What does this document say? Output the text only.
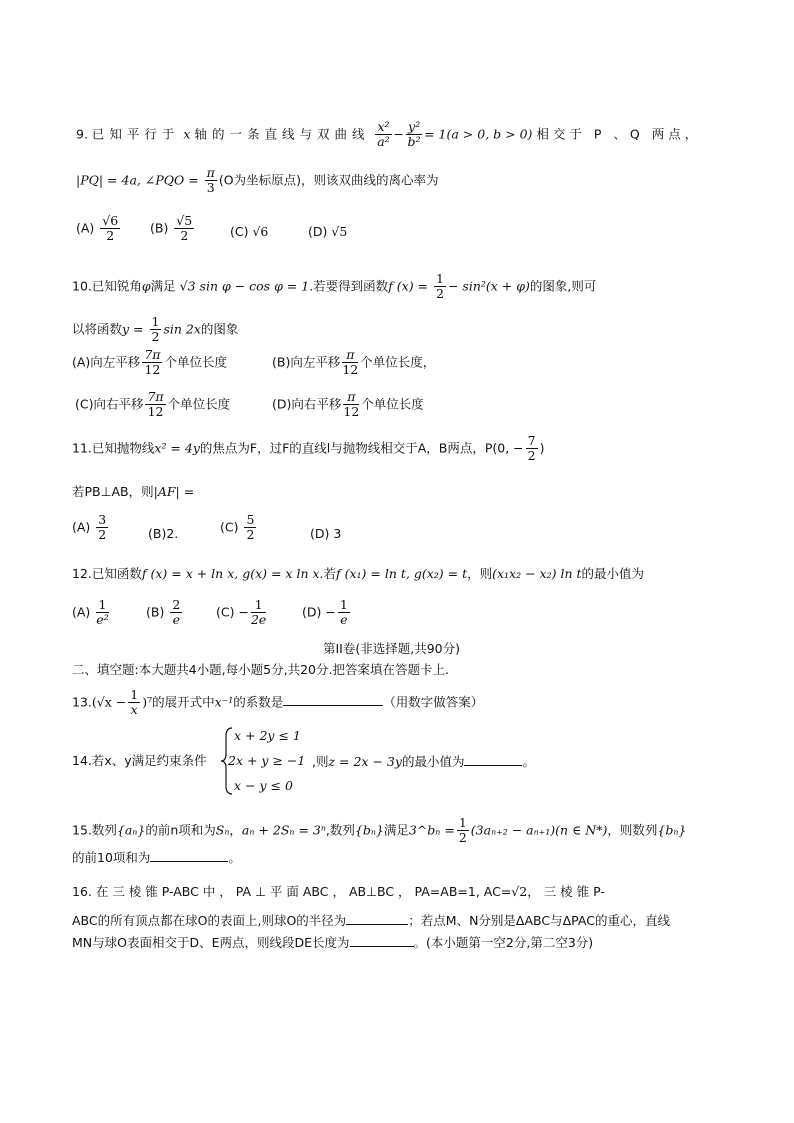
9. 已知平行于 x 轴的一条直线与双曲线 $\frac{\text{x²}}{\text{a²}} - \frac{\text{y²}}{\text{b²}} = 1(a > 0$, b > 0) 相交于 P 、Q 两点，
|PQ| = 4a, ∠PQO = $\frac{\pi}{3} (O$为坐标原点)，则该双曲线的离心率为
$(A) \frac{√6}{2} (B) \frac{√5}{2}$	(C) √6	(D) √5
10.已知锐角φ满足 √3 sin φ − cos φ = 1.若要得到函数f $(x) = \frac{1}{2} - \sin^2(x + \varphi)$的图象,则可
以将函数$y = \frac{1}{2}$ sin 2x的图象
(A)向左平移 $\frac{7\pi}{12}$ 个单位长度	(B)向左平移 $\frac{\pi}{12}$ 个单位长度，
(C)向右平移 $\frac{7\pi}{12}$ 个单位长度	(D)向右平移 $\frac{\pi}{12}$ 个单位长度
11.已知抛物线x² = 4y的焦点为F，过F的直线l与抛物线相交于A，B两点，P(0, − $\frac{7}{2}$ )
若PB⊥AB，则|AF| =
$(A) \frac{3}{2}$	(B)2.	$(C) \frac{5}{2}$	(D) 3
12.已知函数f (x) = x + ln x, g(x) = x ln x.若f (x₁) = ln t, g(x₂) = t，则(x₁x₂ − x₂) ln t的最小值为
$(A) \frac{1}{\text{e²}}$	$(B) \frac{2}{e}$	$(C) - \frac{1}{2e}$	$(D) - \frac{1}{e}$
第II卷(非选择题,共90分)
二、填空题:本大题共4小题,每小题5分,共20分.把答案填在答题卡上.
$13.(√x - \frac{1}{x} )^7$的展开式中x⁻¹的系数是	（用数字做答案）
14.若x、y满足约束条件
x + 2y ≤ 1
2x + y ≥ −1
x − y ≤ 0
,则z = 2x − 3y的最小值为	。
15.数列{aₙ}的前n项和为Sₙ，aₙ + 2Sₙ = 3ⁿ,数列{bₙ}满足3^bₙ = $\frac{1}{2} (3a_{n+2} - a_{n+1})(n$ ∈ N*)，则数列{bₙ}
的前10项和为	。
16. 在 三 棱 锥 P-ABC 中 ， PA ⊥ 平 面 ABC ， AB⊥BC ， PA=AB=1, AC=√2， 三 棱 锥 P-
ABC的所有顶点都在球O的表面上,则球O的半径为	；若点M、N分别是ΔABC与ΔPAC的重心，直线
MN与球O表面相交于D、E两点，则线段DE长度为	。(本小题第一空2分,第二空3分)
